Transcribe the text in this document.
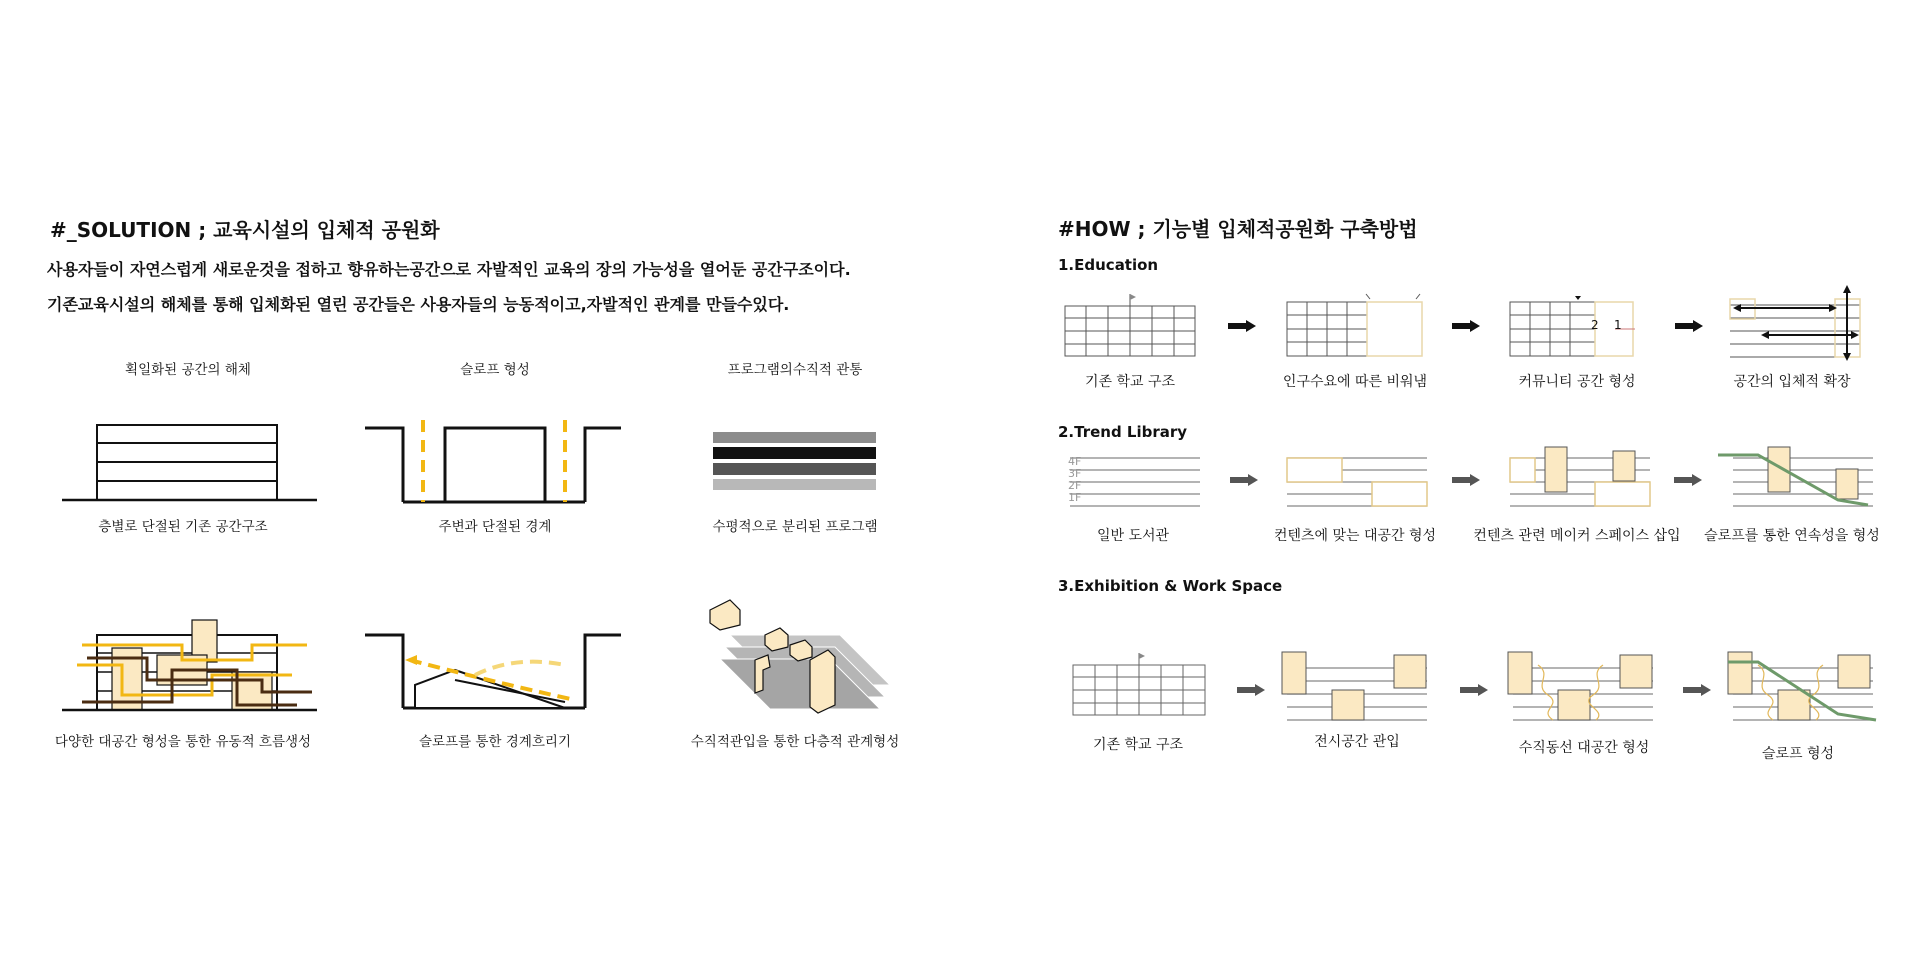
#_SOLUTION ; 교육시설의 입체적 공원화
사용자들이 자연스럽게 새로운것을 접하고 향유하는공간으로 자발적인 교육의 장의 가능성을 열어둔 공간구조이다.
기존교육시설의 해체를 통해 입체화된 열린 공간들은 사용자들의 능동적이고,자발적인 관계를 만들수있다.
획일화된 공간의 해체	슬로프 형성	프로그램의수직적 관통
층별로 단절된 기존 공간구조	주변과 단절된 경계	수평적으로 분리된 프로그램
다양한 대공간 형성을 통한 유동적 흐름생성	슬로프를 통한 경계흐리기	수직적관입을 통한 다층적 관계형성
#HOW ; 기능별 입체적공원화 구축방법
1.Education
2 1
기존 학교 구조	인구수요에 따른 비워냄	커뮤니티 공간 형성	공간의 입체적 확장
2.Trend Library
4F
3F
2F
1F
일반 도서관	컨텐츠에 맞는 대공간 형성	컨텐츠 관련 메이커 스페이스 삽입 슬로프를 통한 연속성을 형성
3.Exhibition & Work Space
기존 학교 구조	전시공간 관입	수직동선 대공간 형성	슬로프 형성
